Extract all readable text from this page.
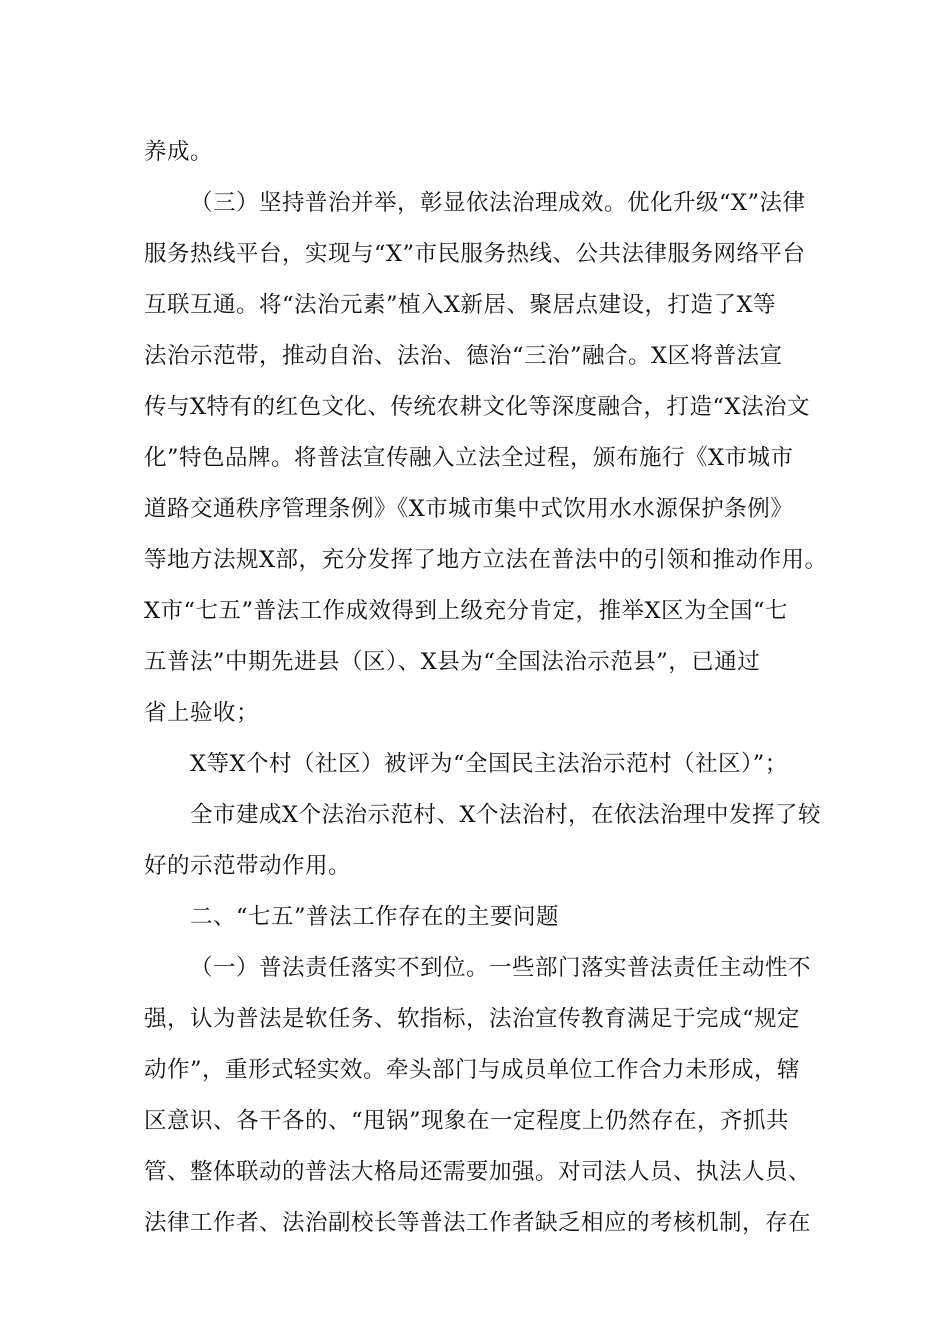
养成。

（三）坚持普治并举，彰显依法治理成效。优化升级“X”法律

服务热线平台，实现与“X”市民服务热线、公共法律服务网络平台

互联互通。将“法治元素”植入X新居、聚居点建设，打造了X等

法治示范带，推动自治、法治、德治“三治”融合。X区将普法宣

传与X特有的红色文化、传统农耕文化等深度融合，打造“X法治文

化”特色品牌。将普法宣传融入立法全过程，颁布施行《X市城市

道路交通秩序管理条例》《X市城市集中式饮用水水源保护条例》

等地方法规X部，充分发挥了地方立法在普法中的引领和推动作用。

X市“七五”普法工作成效得到上级充分肯定，推举X区为全国“七

五普法”中期先进县（区）、X县为“全国法治示范县”，已通过

省上验收；

X等X个村（社区）被评为“全国民主法治示范村（社区）”；

全市建成X个法治示范村、X个法治村，在依法治理中发挥了较

好的示范带动作用。

二、“七五”普法工作存在的主要问题

（一）普法责任落实不到位。一些部门落实普法责任主动性不

强，认为普法是软任务、软指标，法治宣传教育满足于完成“规定

动作”，重形式轻实效。牵头部门与成员单位工作合力未形成，辖

区意识、各干各的、“甩锅”现象在一定程度上仍然存在，齐抓共

管、整体联动的普法大格局还需要加强。对司法人员、执法人员、

法律工作者、法治副校长等普法工作者缺乏相应的考核机制，存在
